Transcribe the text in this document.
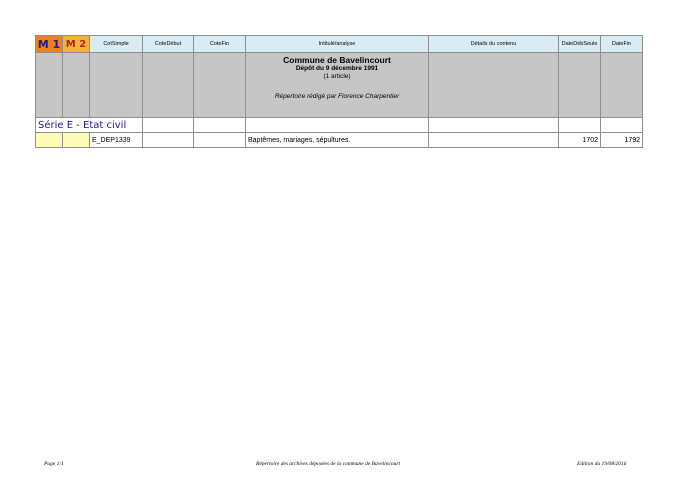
M 1	M 2	CotSimple	CoteDébut	CoteFin	Intitulé/analyse	Détails du contenu	DateDébSeule	DateFin

					Commune de Bavelincourt
Dépôt du 9 décembre 1991
(1 article)
Répertoire rédigé par Florence Charpentier			

Série E - Etat civil								
		E_DEP1339			Baptêmes, mariages, sépultures.		1702	1792
Page 1/1	Répertoire des archives déposées de la commune de Bavelincourt	Edition du 19/08/2016
